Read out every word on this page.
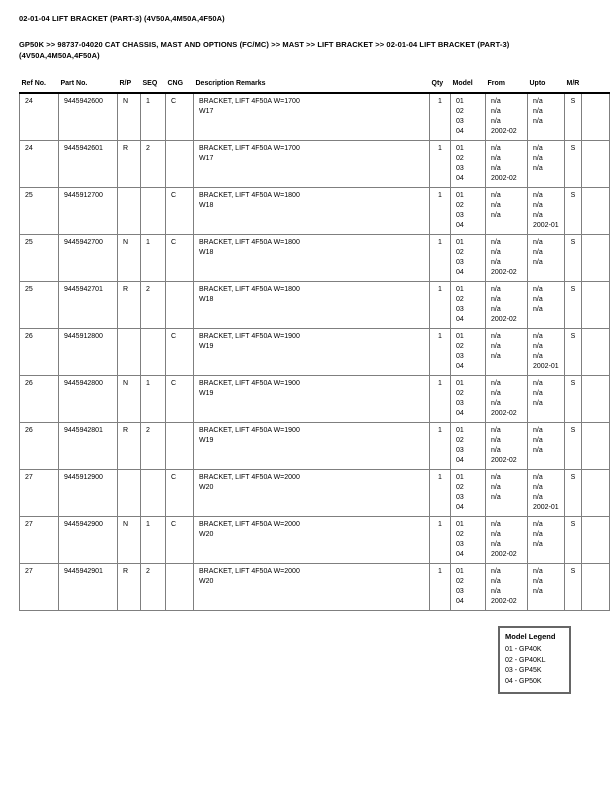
02-01-04 LIFT BRACKET (PART-3) (4V50A,4M50A,4F50A)
GP50K >> 98737-04020 CAT CHASSIS, MAST AND OPTIONS (FC/MC) >> MAST >> LIFT BRACKET >> 02-01-04 LIFT BRACKET (PART-3) (4V50A,4M50A,4F50A)
Ref No.	Part No.	R/P	SEQ	CNG	Description Remarks	Qty	Model	From	Upto	M/R	
24	9445942600	N	1	C	BRACKET, LIFT 4F50A W=1700
W17
	1	01
02
03
04

n/a
n/a
n/a
2002-02

n/a
n/a
n/a
	S	
24	9445942601	R	2		BRACKET, LIFT 4F50A W=1700
W17
	1	01
02
03
04

n/a
n/a
n/a
2002-02

n/a
n/a
n/a
	S	
25	9445912700			C	BRACKET, LIFT 4F50A W=1800
W18
	1	01
02
03
04

n/a
n/a
n/a

n/a
n/a
n/a
2002-01
	S	
25	9445942700	N	1	C	BRACKET, LIFT 4F50A W=1800
W18
	1	01
02
03
04

n/a
n/a
n/a
2002-02

n/a
n/a
n/a
	S	
25	9445942701	R	2		BRACKET, LIFT 4F50A W=1800
W18
	1	01
02
03
04

n/a
n/a
n/a
2002-02

n/a
n/a
n/a
	S	
26	9445912800			C	BRACKET, LIFT 4F50A W=1900
W19
	1	01
02
03
04

n/a
n/a
n/a

n/a
n/a
n/a
2002-01
	S	
26	9445942800	N	1	C	BRACKET, LIFT 4F50A W=1900
W19
	1	01
02
03
04

n/a
n/a
n/a
2002-02

n/a
n/a
n/a
	S	
26	9445942801	R	2		BRACKET, LIFT 4F50A W=1900
W19
	1	01
02
03
04

n/a
n/a
n/a
2002-02

n/a
n/a
n/a
	S	
27	9445912900			C	BRACKET, LIFT 4F50A W=2000
W20
	1	01
02
03
04

n/a
n/a
n/a

n/a
n/a
n/a
2002-01
	S	
27	9445942900	N	1	C	BRACKET, LIFT 4F50A W=2000
W20
	1	01
02
03
04

n/a
n/a
n/a
2002-02

n/a
n/a
n/a
	S	
27	9445942901	R	2		BRACKET, LIFT 4F50A W=2000
W20
	1	01
02
03
04

n/a
n/a
n/a
2002-02

n/a
n/a
n/a
	S	
Model Legend
01 - GP40K
02 - GP40KL
03 - GP45K
04 - GP50K
